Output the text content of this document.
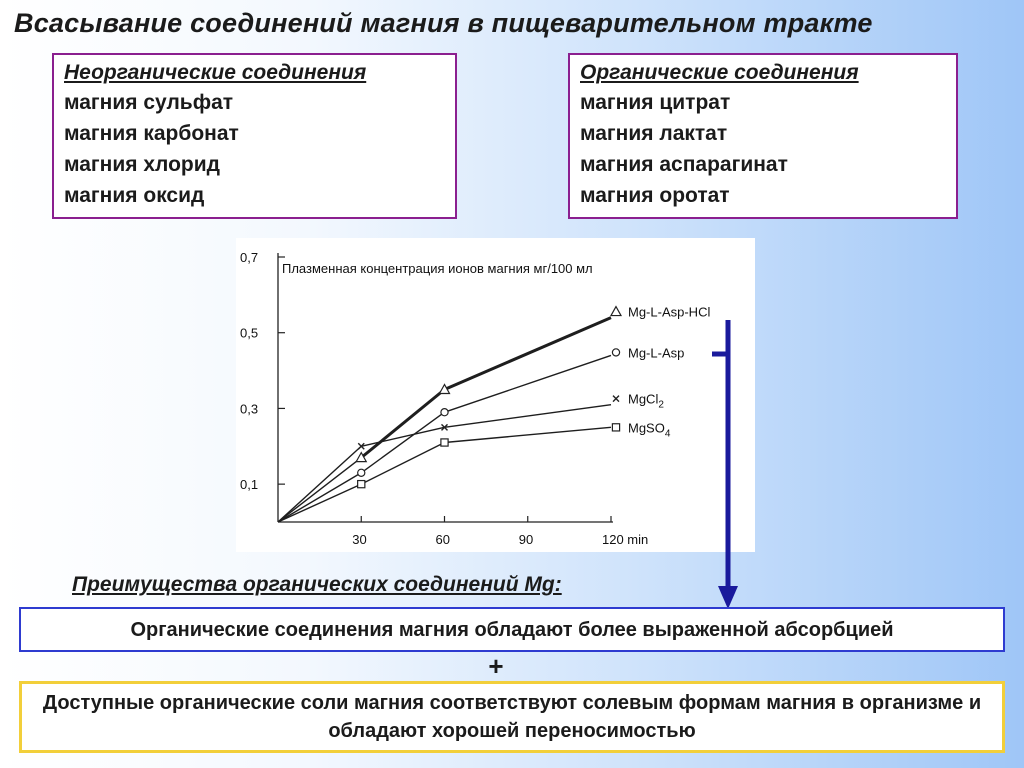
Всасывание соединений магния в пищеварительном тракте
Неорганические соединения
магния сульфат
магния карбонат
магния хлорид
магния оксид
Органические соединения
магния цитрат
магния лактат
магния аспарагинат
магния оротат
Плазменная концентрация ионов магния мг/100 мл
0,1
0,3
0,5
0,7
30	60	90	120 min
Mg-L-Asp-HCl
Mg-L-Asp
MgCl$_2$
MgSO$_4$
Преимущества органических соединений Mg:
Органические соединения магния обладают более выраженной абсорбцией
+
Доступные органические соли магния соответствуют солевым формам магния в организме и обладают хорошей переносимостью
